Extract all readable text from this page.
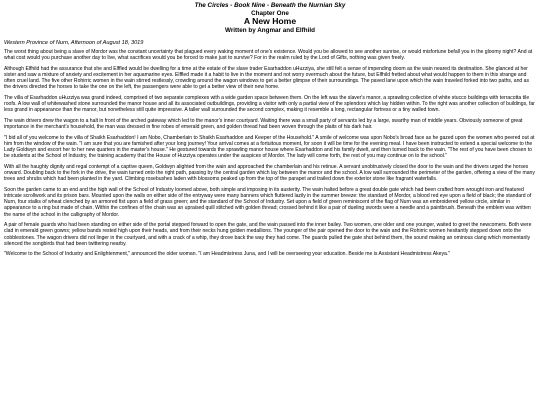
The Circles - Book Nine - Beneath the Nurnian Sky
Chapter One
A New Home
Written by Angmar and Elfhild
Western Province of Nurn, Afternoon of August 18, 3019

The worst thing about being a slave of Mordor was the constant uncertainty that plagued every waking moment of one's existence. Would you be allowed to see another sunrise, or would misfortune befall you in the gloomy night? And at what cost would you purchase another day to live, what sacrifices would you be forced to make just to survive? For in the realm ruled by the Lord of Gifts, nothing was given freely.

Although Elfhild had the assurance that she and Elffled would be dwelling for a time at the estate of the slave trader Esarhaddon uHuzziya, she still felt a sense of impending doom as the wain neared its destination. She glanced at her sister and saw a mixture of anxiety and excitement in her aquamarine eyes. Elffled made it a habit to live in the moment and not worry overmuch about the future, but Elfhild fretted about what would happen to them in this strange and often cruel land. The five other Rohirric women in the wain stirred restlessly, crowding around the wagon windows to get a better glimpse of their surroundings. The paved lane upon which the wain traveled forked into two paths, and as the drivers directed the horses to take the one on the left, the passengers were able to get a better view of their new home.

The villa of Esarhaddon uHuzziya was grand indeed, comprised of two separate complexes with a wide garden space between them. On the left was the slaver's manor, a sprawling collection of white stucco buildings with terracotta tile roofs. A low wall of whitewashed stone surrounded the manor house and all its associated outbuildings, providing a visitor with only a partial view of the splendors which lay hidden within. To the right was another collection of buildings, far less grand in appearance than the manor, but nonetheless still quite impressive. A taller wall surrounded the second complex, making it resemble a long, rectangular fortress or a tiny walled town.

The wain drivers drew the wagon to a halt in front of the arched gateway which led to the manor's inner courtyard. Waiting there was a small party of servants led by a large, swarthy man of middle years. Obviously someone of great importance in the merchant's household, the man was dressed in fine robes of emerald green, and golden thread had been woven through the plaits of his dark hair.

"I bid all of you welcome to the villa of Shaikh Esarhaddon! I am Nobo, Chamberlain to Shaikh Esarhaddon and Keeper of the Household." A smile of welcome was upon Nobo's broad face as he gazed upon the women who peered out at him from the window of the wain. "I am sure that you are famished after your long journey! Your arrival comes at a fortuitous moment, for soon it will be time for the evening meal. I have been instructed to extend a special welcome to the Lady Goldwyn and escort her to her new quarters in the master's house." He gestured towards the sprawling manor house where Esarhaddon and his family dwelt, and then turned back to the wain. "The rest of you have been chosen to be students at the School of Industry, the training academy that the House of Huzziya operates under the auspices of Mordor. The lady will come forth, the rest of you may continue on to the school."

With all the haughty dignity and regal contempt of a captive queen, Goldwyn alighted from the wain and approached the chamberlain and his retinue. A servant unobtrusively closed the door to the wain and the drivers urged the horses onward. Doubling back to the fork in the drive, the wain turned onto the right path, passing by the central garden which lay between the manor and the school. A low wall surrounded the perimeter of the garden, offering a view of the many trees and shrubs which had been planted in the yard. Climbing rosebushes laden with blossoms peaked up from the top of the parapet and trailed down the exterior stone like fragrant waterfalls.

Soon the garden came to an end and the high wall of the School of Industry loomed above, both simple and imposing in its austerity. The wain halted before a great double gate which had been crafted from wrought iron and featured intricate scrollwork and its prison bars. Mounted upon the walls on either side of the entryway were many banners which fluttered lazily in the summer breeze: the standard of Mordor, a blood red eye upon a field of black; the standard of Nurn, four stalks of wheat clenched by an armored fist upon a field of grass green; and the standard of the School of Industry. Set upon a field of green reminiscent of the flag of Nurn was an embroidered yellow circle, similar in appearance to a ring but made of chain. Within the confines of the chain was an upraised quill stitched with golden thread; crossed behind it like a pair of dueling swords were a needle and a paintbrush. Beneath the emblem was written the name of the school in the calligraphy of Mordor.

A pair of female guards who had been standing on either side of the portal stepped forward to open the gate, and the wain passed into the inner bailey. Two women, one older and one younger, waited to greet the newcomers. Both were clad in emerald green gowns; yellow bands rested high upon their heads, and from their necks hung golden medallions. The younger of the pair opened the door to the wain and the Rohirric women hesitantly stepped down onto the cobblestones. The wagon drivers did not linger in the courtyard, and with a crack of a whip, they drove back the way they had come. The guards pulled the gate shut behind them, the sound making an ominous clang which momentarily silenced the songbirds that had been twittering nearby.

"Welcome to the School of Industry and Enlightenment," announced the older woman. "I am Headmistress Juna, and I will be overseeing your education. Beside me is Assistant Headmistress Akeya."
